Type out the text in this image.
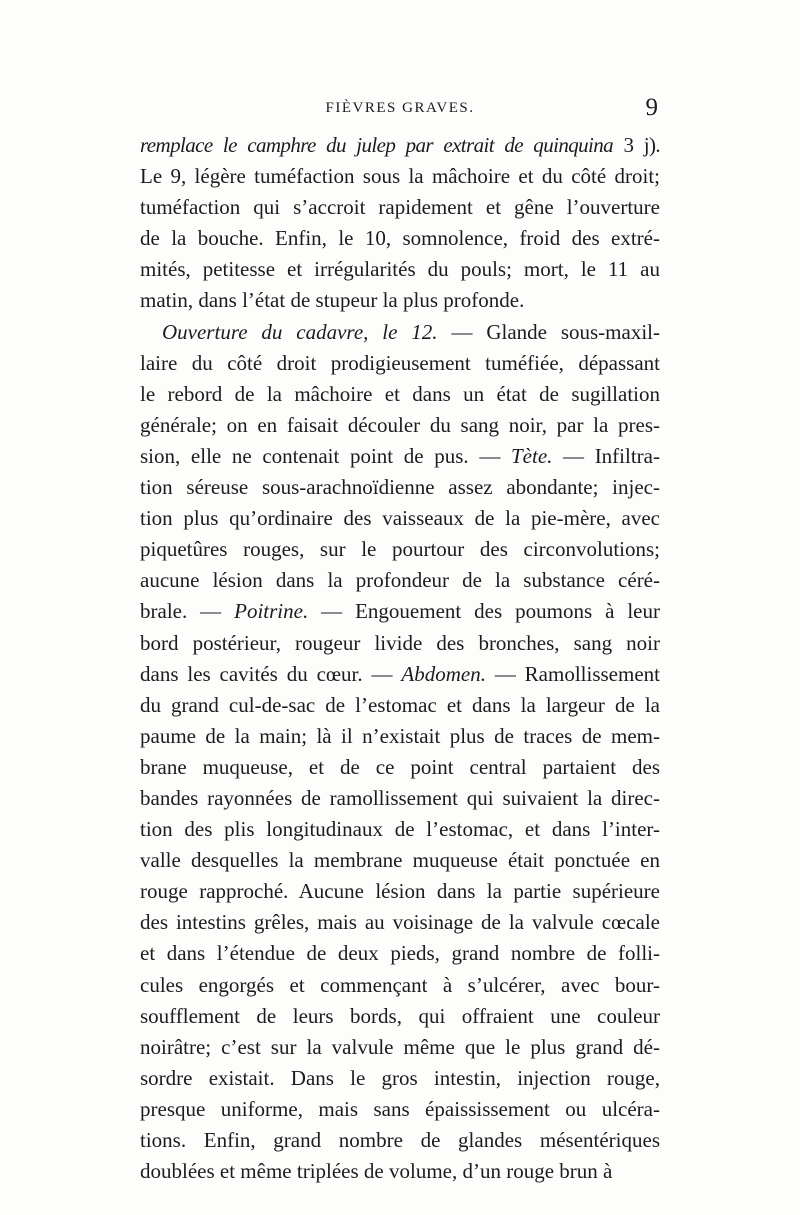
FIÈVRES GRAVES.	9
remplace le camphre du julep par extrait de quinquina 3 j).
Le 9, légère tuméfaction sous la mâchoire et du côté droit;
tuméfaction qui s’accroit rapidement et gêne l’ouverture
de la bouche. Enfin, le 10, somnolence, froid des extré-
mités, petitesse et irrégularités du pouls; mort, le 11 au
matin, dans l’état de stupeur la plus profonde.
Ouverture du cadavre, le 12. — Glande sous-maxil-
laire du côté droit prodigieusement tuméfiée, dépassant
le rebord de la mâchoire et dans un état de sugillation
générale; on en faisait découler du sang noir, par la pres-
sion, elle ne contenait point de pus. — Tète. — Infiltra-
tion séreuse sous-arachnoïdienne assez abondante; injec-
tion plus qu’ordinaire des vaisseaux de la pie-mère, avec
piquetûres rouges, sur le pourtour des circonvolutions;
aucune lésion dans la profondeur de la substance céré-
brale. — Poitrine. — Engouement des poumons à leur
bord postérieur, rougeur livide des bronches, sang noir
dans les cavités du cœur. — Abdomen. — Ramollissement
du grand cul-de-sac de l’estomac et dans la largeur de la
paume de la main; là il n’existait plus de traces de mem-
brane muqueuse, et de ce point central partaient des
bandes rayonnées de ramollissement qui suivaient la direc-
tion des plis longitudinaux de l’estomac, et dans l’inter-
valle desquelles la membrane muqueuse était ponctuée en
rouge rapproché. Aucune lésion dans la partie supérieure
des intestins grêles, mais au voisinage de la valvule cœcale
et dans l’étendue de deux pieds, grand nombre de folli-
cules engorgés et commençant à s’ulcérer, avec bour-
soufflement de leurs bords, qui offraient une couleur
noirâtre; c’est sur la valvule même que le plus grand dé-
sordre existait. Dans le gros intestin, injection rouge,
presque uniforme, mais sans épaississement ou ulcéra-
tions. Enfin, grand nombre de glandes mésentériques
doublées et même triplées de volume, d’un rouge brun à
